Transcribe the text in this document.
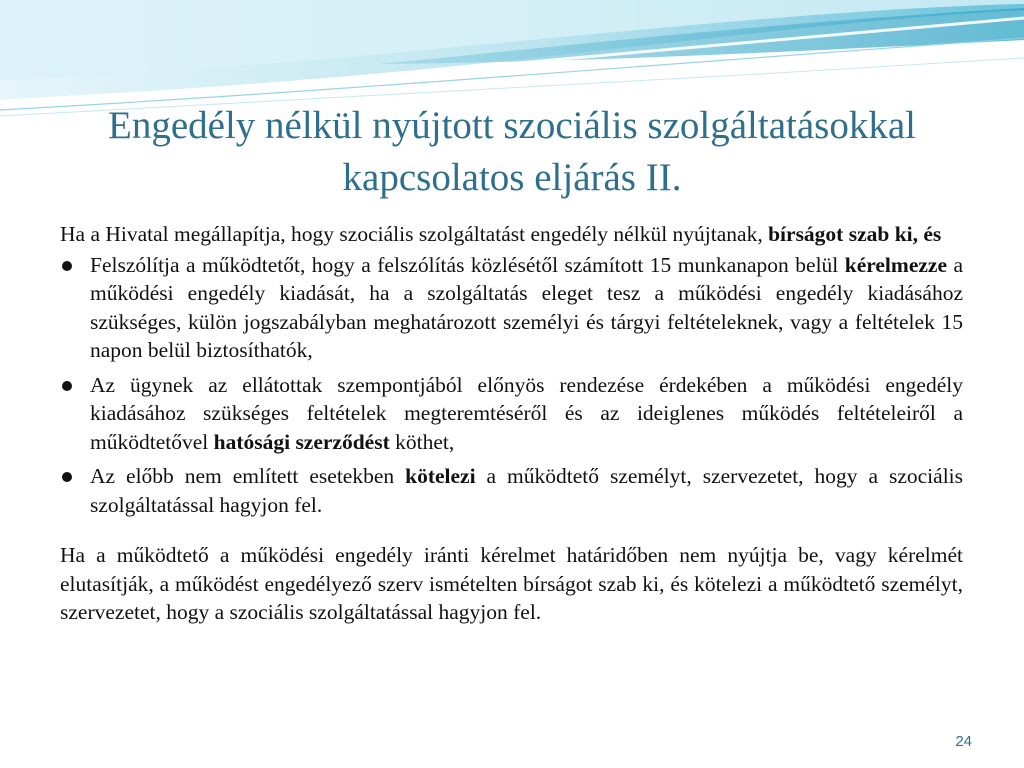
Engedély nélkül nyújtott szociális szolgáltatásokkal
kapcsolatos eljárás II.

Ha a Hivatal megállapítja, hogy szociális szolgáltatást engedély nélkül nyújtanak, bírságot szab ki, és

Felszólítja a működtetőt, hogy a felszólítás közlésétől számított 15 munkanapon belül kérelmezze a működési engedély kiadását, ha a szolgáltatás eleget tesz a működési engedély kiadásához szükséges, külön jogszabályban meghatározott személyi és tárgyi feltételeknek, vagy a feltételek 15 napon belül biztosíthatók,
Az ügynek az ellátottak szempontjából előnyös rendezése érdekében a működési engedély kiadásához szükséges feltételek megteremtéséről és az ideiglenes működés feltételeiről a működtetővel hatósági szerződést köthet,
Az előbb nem említett esetekben kötelezi a működtető személyt, szervezetet, hogy a szociális szolgáltatással hagyjon fel.

Ha a működtető a működési engedély iránti kérelmet határidőben nem nyújtja be, vagy kérelmét elutasítják, a működést engedélyező szerv ismételten bírságot szab ki, és kötelezi a működtető személyt, szervezetet, hogy a szociális szolgáltatással hagyjon fel.

24
